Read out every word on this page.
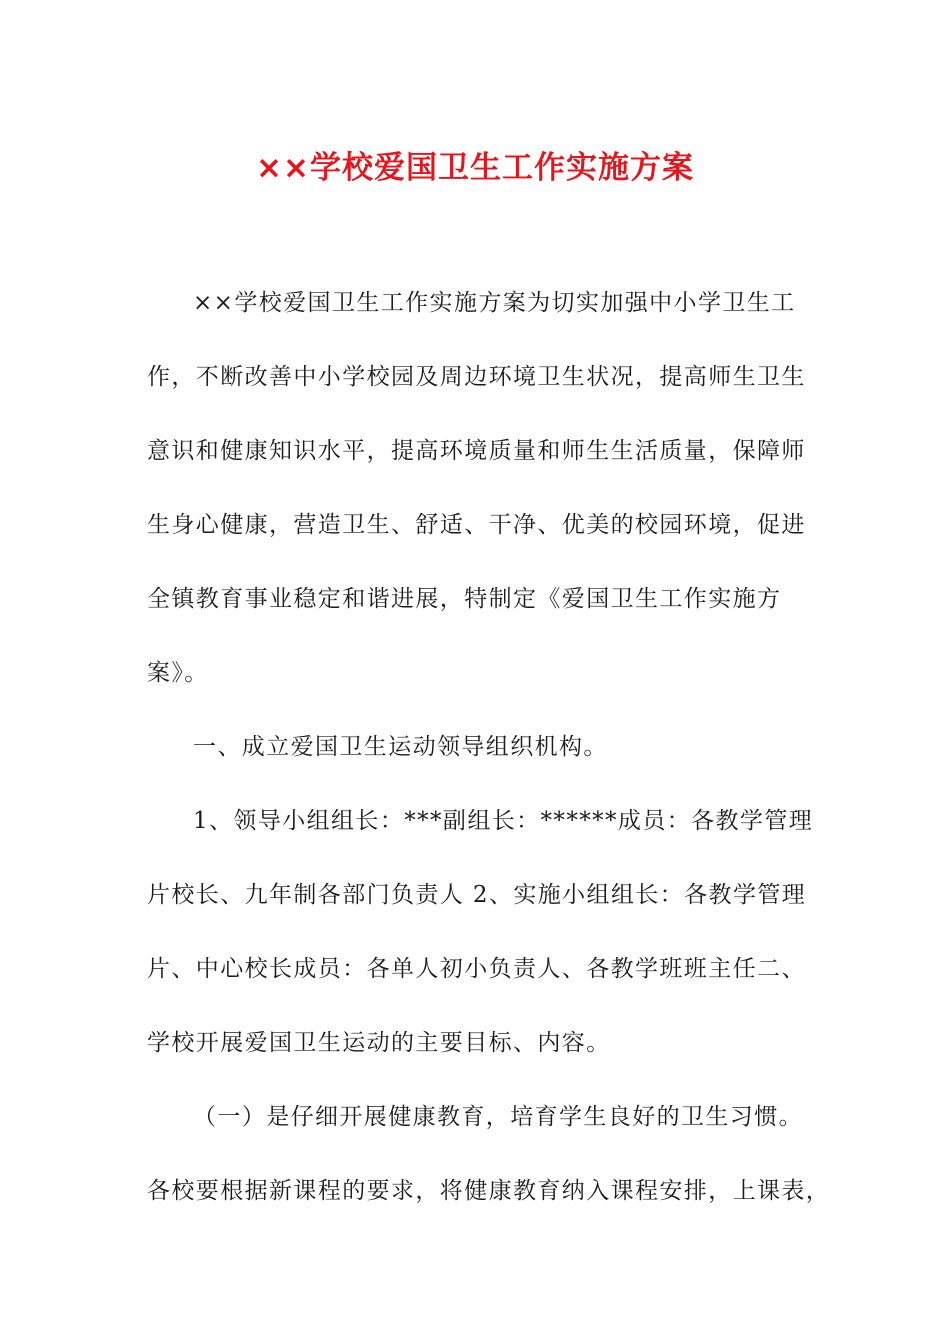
××学校爱国卫生工作实施方案
××学校爱国卫生工作实施方案为切实加强中小学卫生工
作，不断改善中小学校园及周边环境卫生状况，提高师生卫生
意识和健康知识水平，提高环境质量和师生生活质量，保障师
生身心健康，营造卫生、舒适、干净、优美的校园环境，促进
全镇教育事业稳定和谐进展，特制定《爱国卫生工作实施方
案》。
一、成立爱国卫生运动领导组织机构。
1、领导小组组长：***副组长：******成员：各教学管理
片校长、九年制各部门负责人 2、实施小组组长：各教学管理
片、中心校长成员：各单人初小负责人、各教学班班主任二、
学校开展爱国卫生运动的主要目标、内容。
（一）是仔细开展健康教育，培育学生良好的卫生习惯。
各校要根据新课程的要求，将健康教育纳入课程安排，上课表，
